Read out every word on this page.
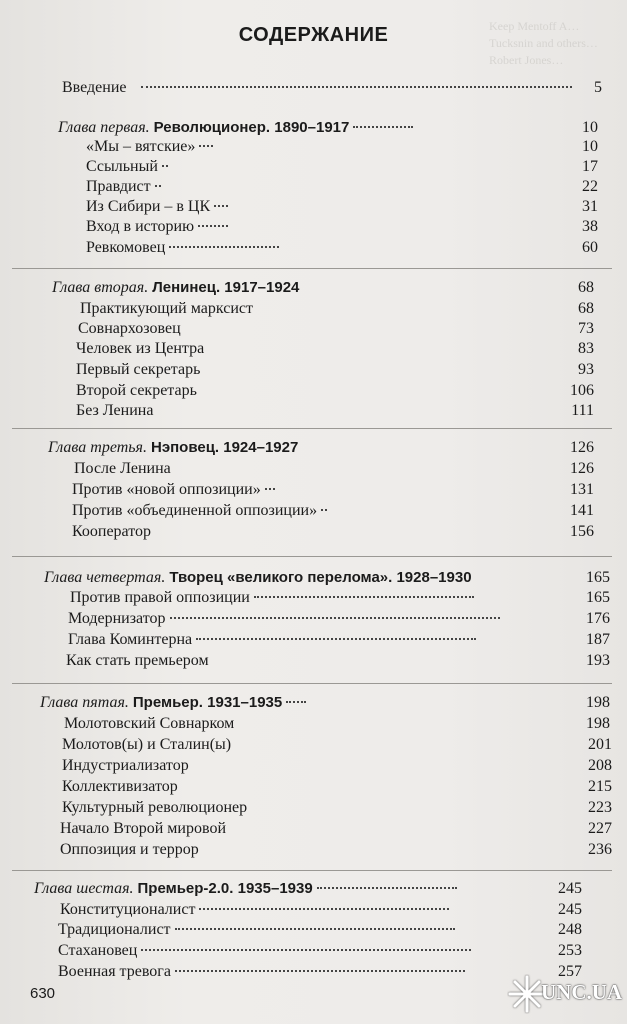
Keep Mentoff A…
Tucksnin and others…
Robert Jones…
СОДЕРЖАНИЕ
Введение	5
Глава первая. Революционер. 1890–1917	10
«Мы – вятские»	10
Ссыльный	17
Правдист	22
Из Сибири – в ЦК	31
Вход в историю	38
Ревкомовец	60
Глава вторая. Ленинец. 1917–1924	68
Практикующий марксист	68
Совнархозовец	73
Человек из Центра	83
Первый секретарь	93
Второй секретарь	106
Без Ленина	111
Глава третья. Нэповец. 1924–1927	126
После Ленина	126
Против «новой оппозиции»	131
Против «объединенной оппозиции»	141
Кооператор	156
Глава четвертая. Творец «великого перелома». 1928–1930	165
Против правой оппозиции	165
Модернизатор	176
Глава Коминтерна	187
Как стать премьером	193
Глава пятая. Премьер. 1931–1935	198
Молотовский Совнарком	198
Молотов(ы) и Сталин(ы)	201
Индустриализатор	208
Коллективизатор	215
Культурный революционер	223
Начало Второй мировой	227
Оппозиция и террор	236
Глава шестая. Премьер-2.0. 1935–1939	245
Конституционалист	245
Традиционалист	248
Стахановец	253
Военная тревога	257
630	UNC.UA
